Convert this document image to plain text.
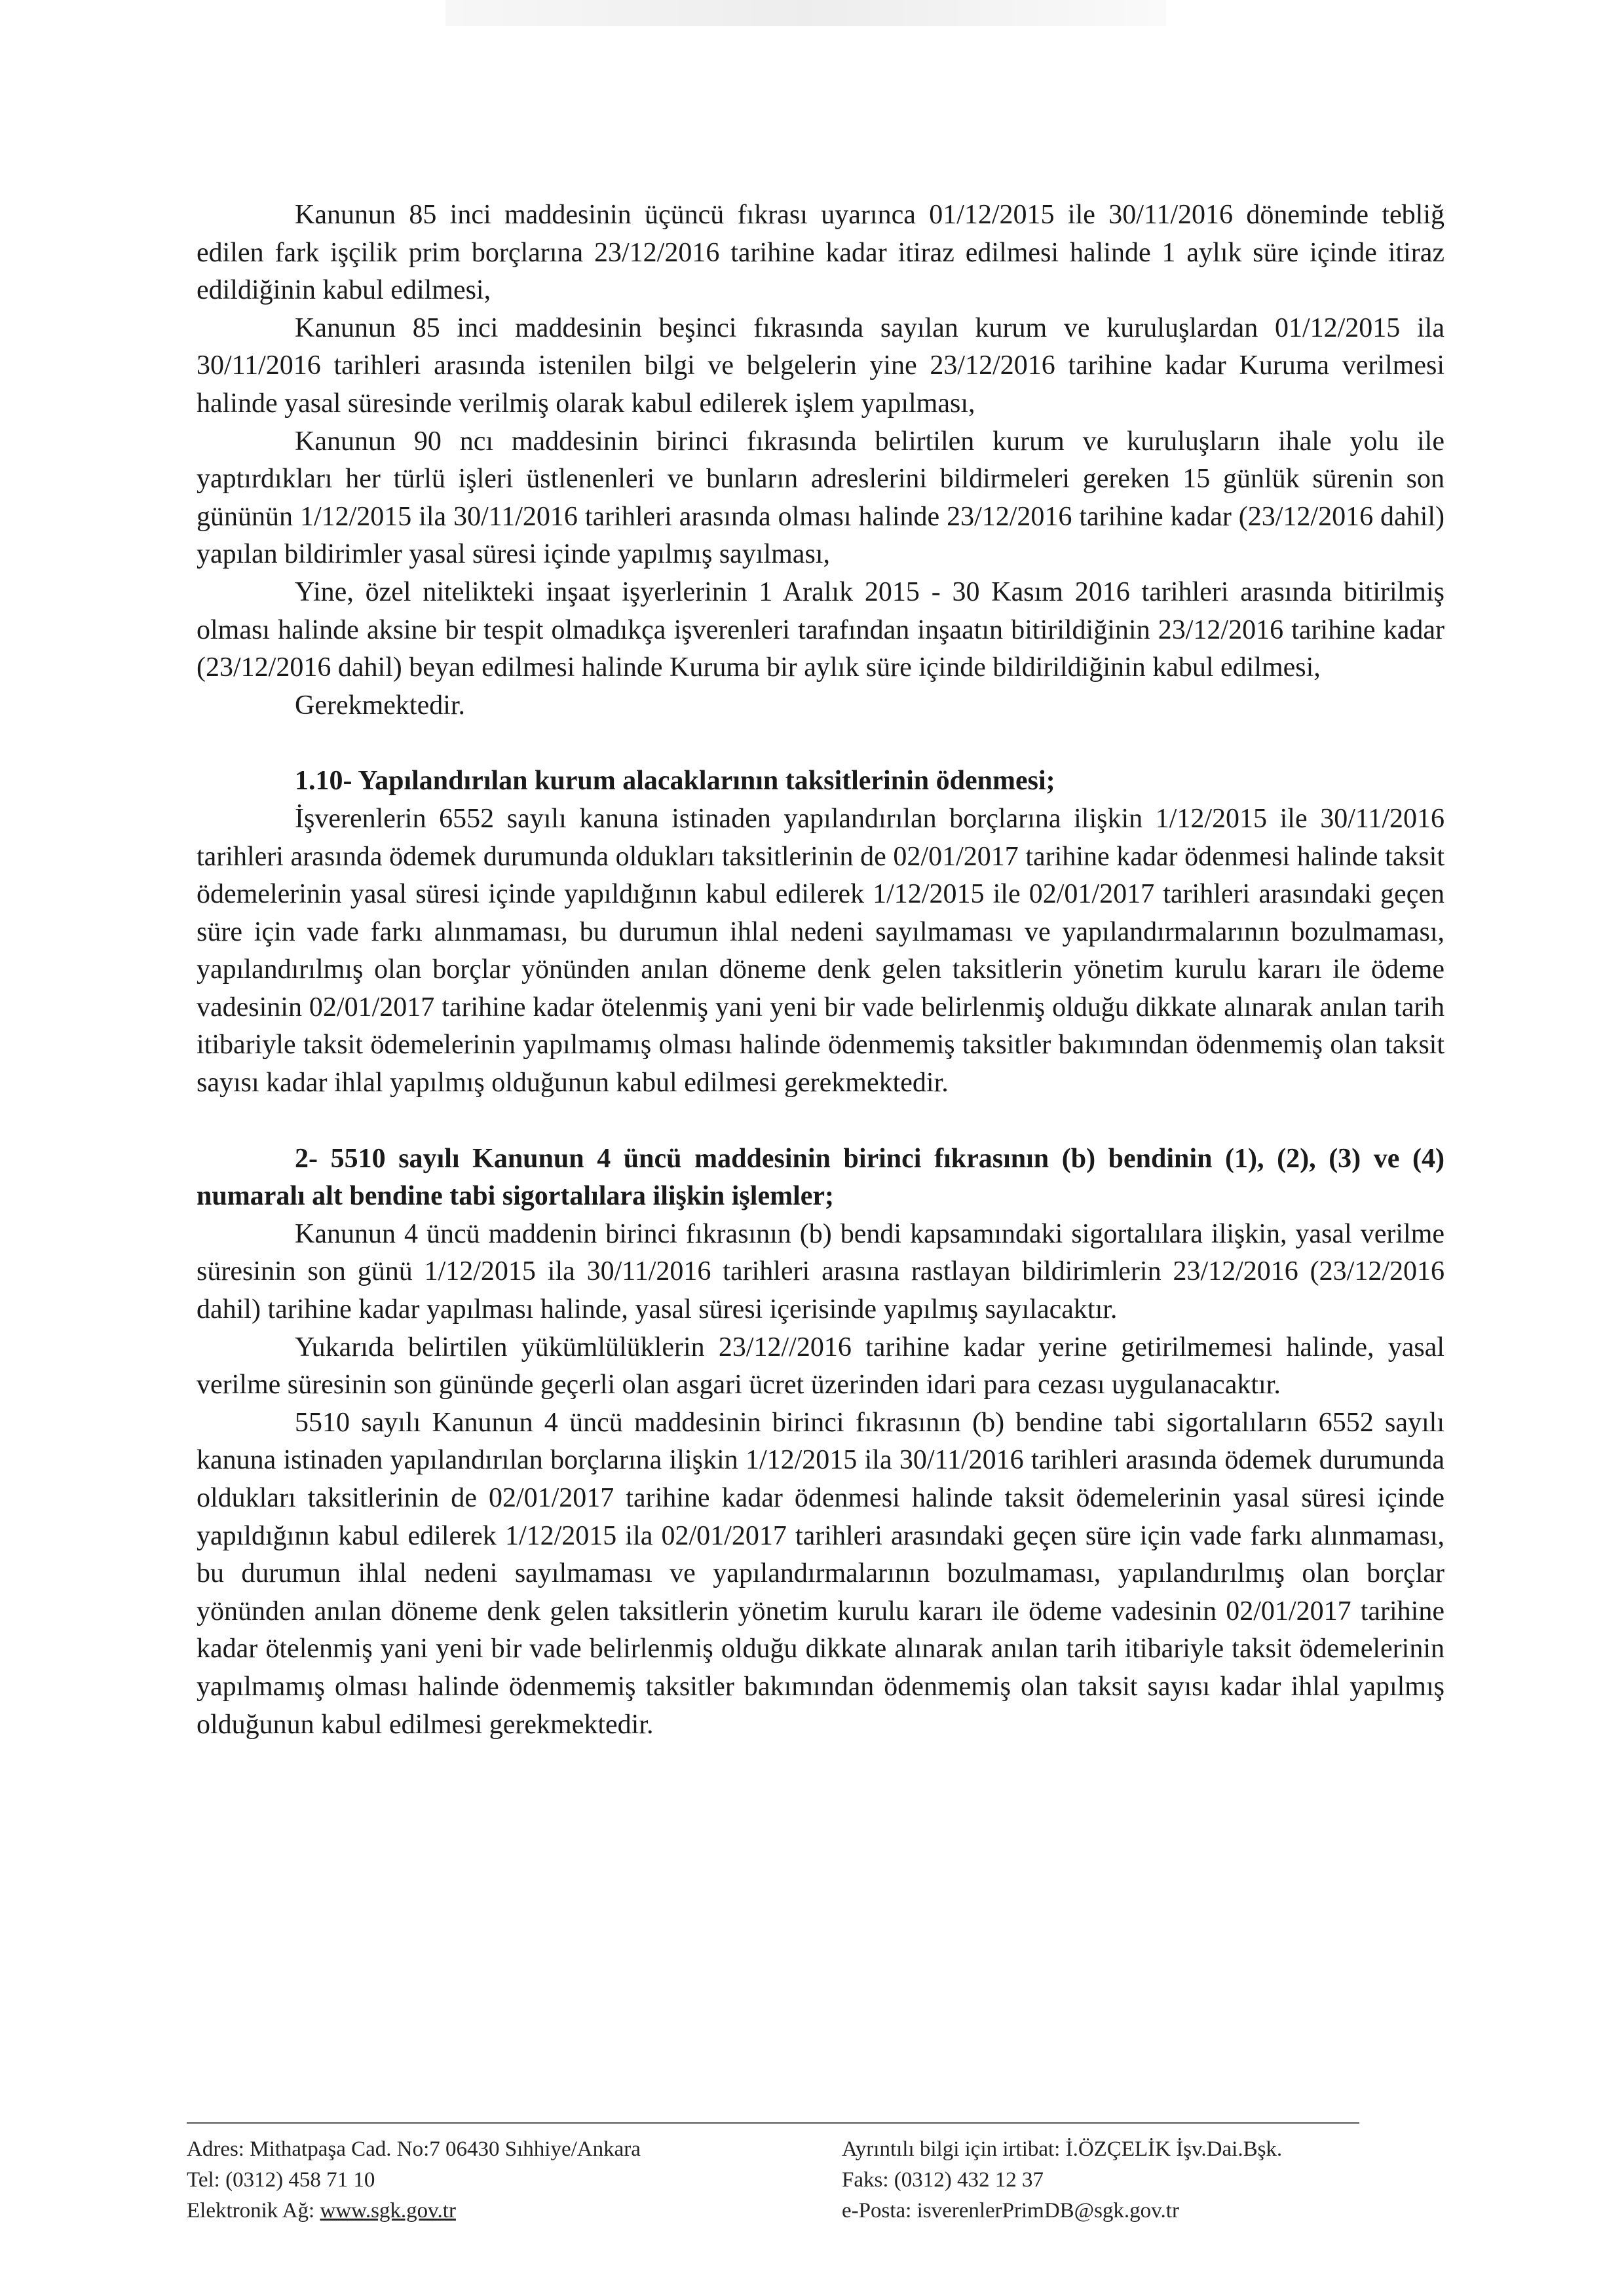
Kanunun 85 inci maddesinin üçüncü fıkrası uyarınca 01/12/2015 ile 30/11/2016 döneminde tebliğ edilen fark işçilik prim borçlarına 23/12/2016 tarihine kadar itiraz edilmesi halinde 1 aylık süre içinde itiraz edildiğinin kabul edilmesi,

Kanunun 85 inci maddesinin beşinci fıkrasında sayılan kurum ve kuruluşlardan 01/12/2015 ila 30/11/2016 tarihleri arasında istenilen bilgi ve belgelerin yine 23/12/2016 tarihine kadar Kuruma verilmesi halinde yasal süresinde verilmiş olarak kabul edilerek işlem yapılması,

Kanunun 90 ncı maddesinin birinci fıkrasında belirtilen kurum ve kuruluşların ihale yolu ile yaptırdıkları her türlü işleri üstlenenleri ve bunların adreslerini bildirmeleri gereken 15 günlük sürenin son gününün 1/12/2015 ila 30/11/2016 tarihleri arasında olması halinde 23/12/2016 tarihine kadar (23/12/2016 dahil) yapılan bildirimler yasal süresi içinde yapılmış sayılması,

Yine, özel nitelikteki inşaat işyerlerinin 1 Aralık 2015 - 30 Kasım 2016 tarihleri arasında bitirilmiş olması halinde aksine bir tespit olmadıkça işverenleri tarafından inşaatın bitirildiğinin 23/12/2016 tarihine kadar (23/12/2016 dahil) beyan edilmesi halinde Kuruma bir aylık süre içinde bildirildiğinin kabul edilmesi,

Gerekmektedir.

1.10- Yapılandırılan kurum alacaklarının taksitlerinin ödenmesi;

İşverenlerin 6552 sayılı kanuna istinaden yapılandırılan borçlarına ilişkin 1/12/2015 ile 30/11/2016 tarihleri arasında ödemek durumunda oldukları taksitlerinin de 02/01/2017 tarihine kadar ödenmesi halinde taksit ödemelerinin yasal süresi içinde yapıldığının kabul edilerek 1/12/2015 ile 02/01/2017 tarihleri arasındaki geçen süre için vade farkı alınmaması, bu durumun ihlal nedeni sayılmaması ve yapılandırmalarının bozulmaması, yapılandırılmış olan borçlar yönünden anılan döneme denk gelen taksitlerin yönetim kurulu kararı ile ödeme vadesinin 02/01/2017 tarihine kadar ötelenmiş yani yeni bir vade belirlenmiş olduğu dikkate alınarak anılan tarih itibariyle taksit ödemelerinin yapılmamış olması halinde ödenmemiş taksitler bakımından ödenmemiş olan taksit sayısı kadar ihlal yapılmış olduğunun kabul edilmesi gerekmektedir.

2- 5510 sayılı Kanunun 4 üncü maddesinin birinci fıkrasının (b) bendinin (1), (2), (3) ve (4) numaralı alt bendine tabi sigortalılara ilişkin işlemler;

Kanunun 4 üncü maddenin birinci fıkrasının (b) bendi kapsamındaki sigortalılara ilişkin, yasal verilme süresinin son günü 1/12/2015 ila 30/11/2016 tarihleri arasına rastlayan bildirimlerin 23/12/2016 (23/12/2016 dahil) tarihine kadar yapılması halinde, yasal süresi içerisinde yapılmış sayılacaktır.

Yukarıda belirtilen yükümlülüklerin 23/12//2016 tarihine kadar yerine getirilmemesi halinde, yasal verilme süresinin son gününde geçerli olan asgari ücret üzerinden idari para cezası uygulanacaktır.

5510 sayılı Kanunun 4 üncü maddesinin birinci fıkrasının (b) bendine tabi sigortalıların 6552 sayılı kanuna istinaden yapılandırılan borçlarına ilişkin 1/12/2015 ila 30/11/2016 tarihleri arasında ödemek durumunda oldukları taksitlerinin de 02/01/2017 tarihine kadar ödenmesi halinde taksit ödemelerinin yasal süresi içinde yapıldığının kabul edilerek 1/12/2015 ila 02/01/2017 tarihleri arasındaki geçen süre için vade farkı alınmaması, bu durumun ihlal nedeni sayılmaması ve yapılandırmalarının bozulmaması, yapılandırılmış olan borçlar yönünden anılan döneme denk gelen taksitlerin yönetim kurulu kararı ile ödeme vadesinin 02/01/2017 tarihine kadar ötelenmiş yani yeni bir vade belirlenmiş olduğu dikkate alınarak anılan tarih itibariyle taksit ödemelerinin yapılmamış olması halinde ödenmemiş taksitler bakımından ödenmemiş olan taksit sayısı kadar ihlal yapılmış olduğunun kabul edilmesi gerekmektedir.

Adres: Mithatpaşa Cad. No:7 06430 Sıhhiye/Ankara
Tel: (0312) 458 71 10
Elektronik Ağ: www.sgk.gov.tr
Ayrıntılı bilgi için irtibat: İ.ÖZÇELİK İşv.Dai.Bşk.
Faks: (0312) 432 12 37
e-Posta: isverenlerPrimDB@sgk.gov.tr
